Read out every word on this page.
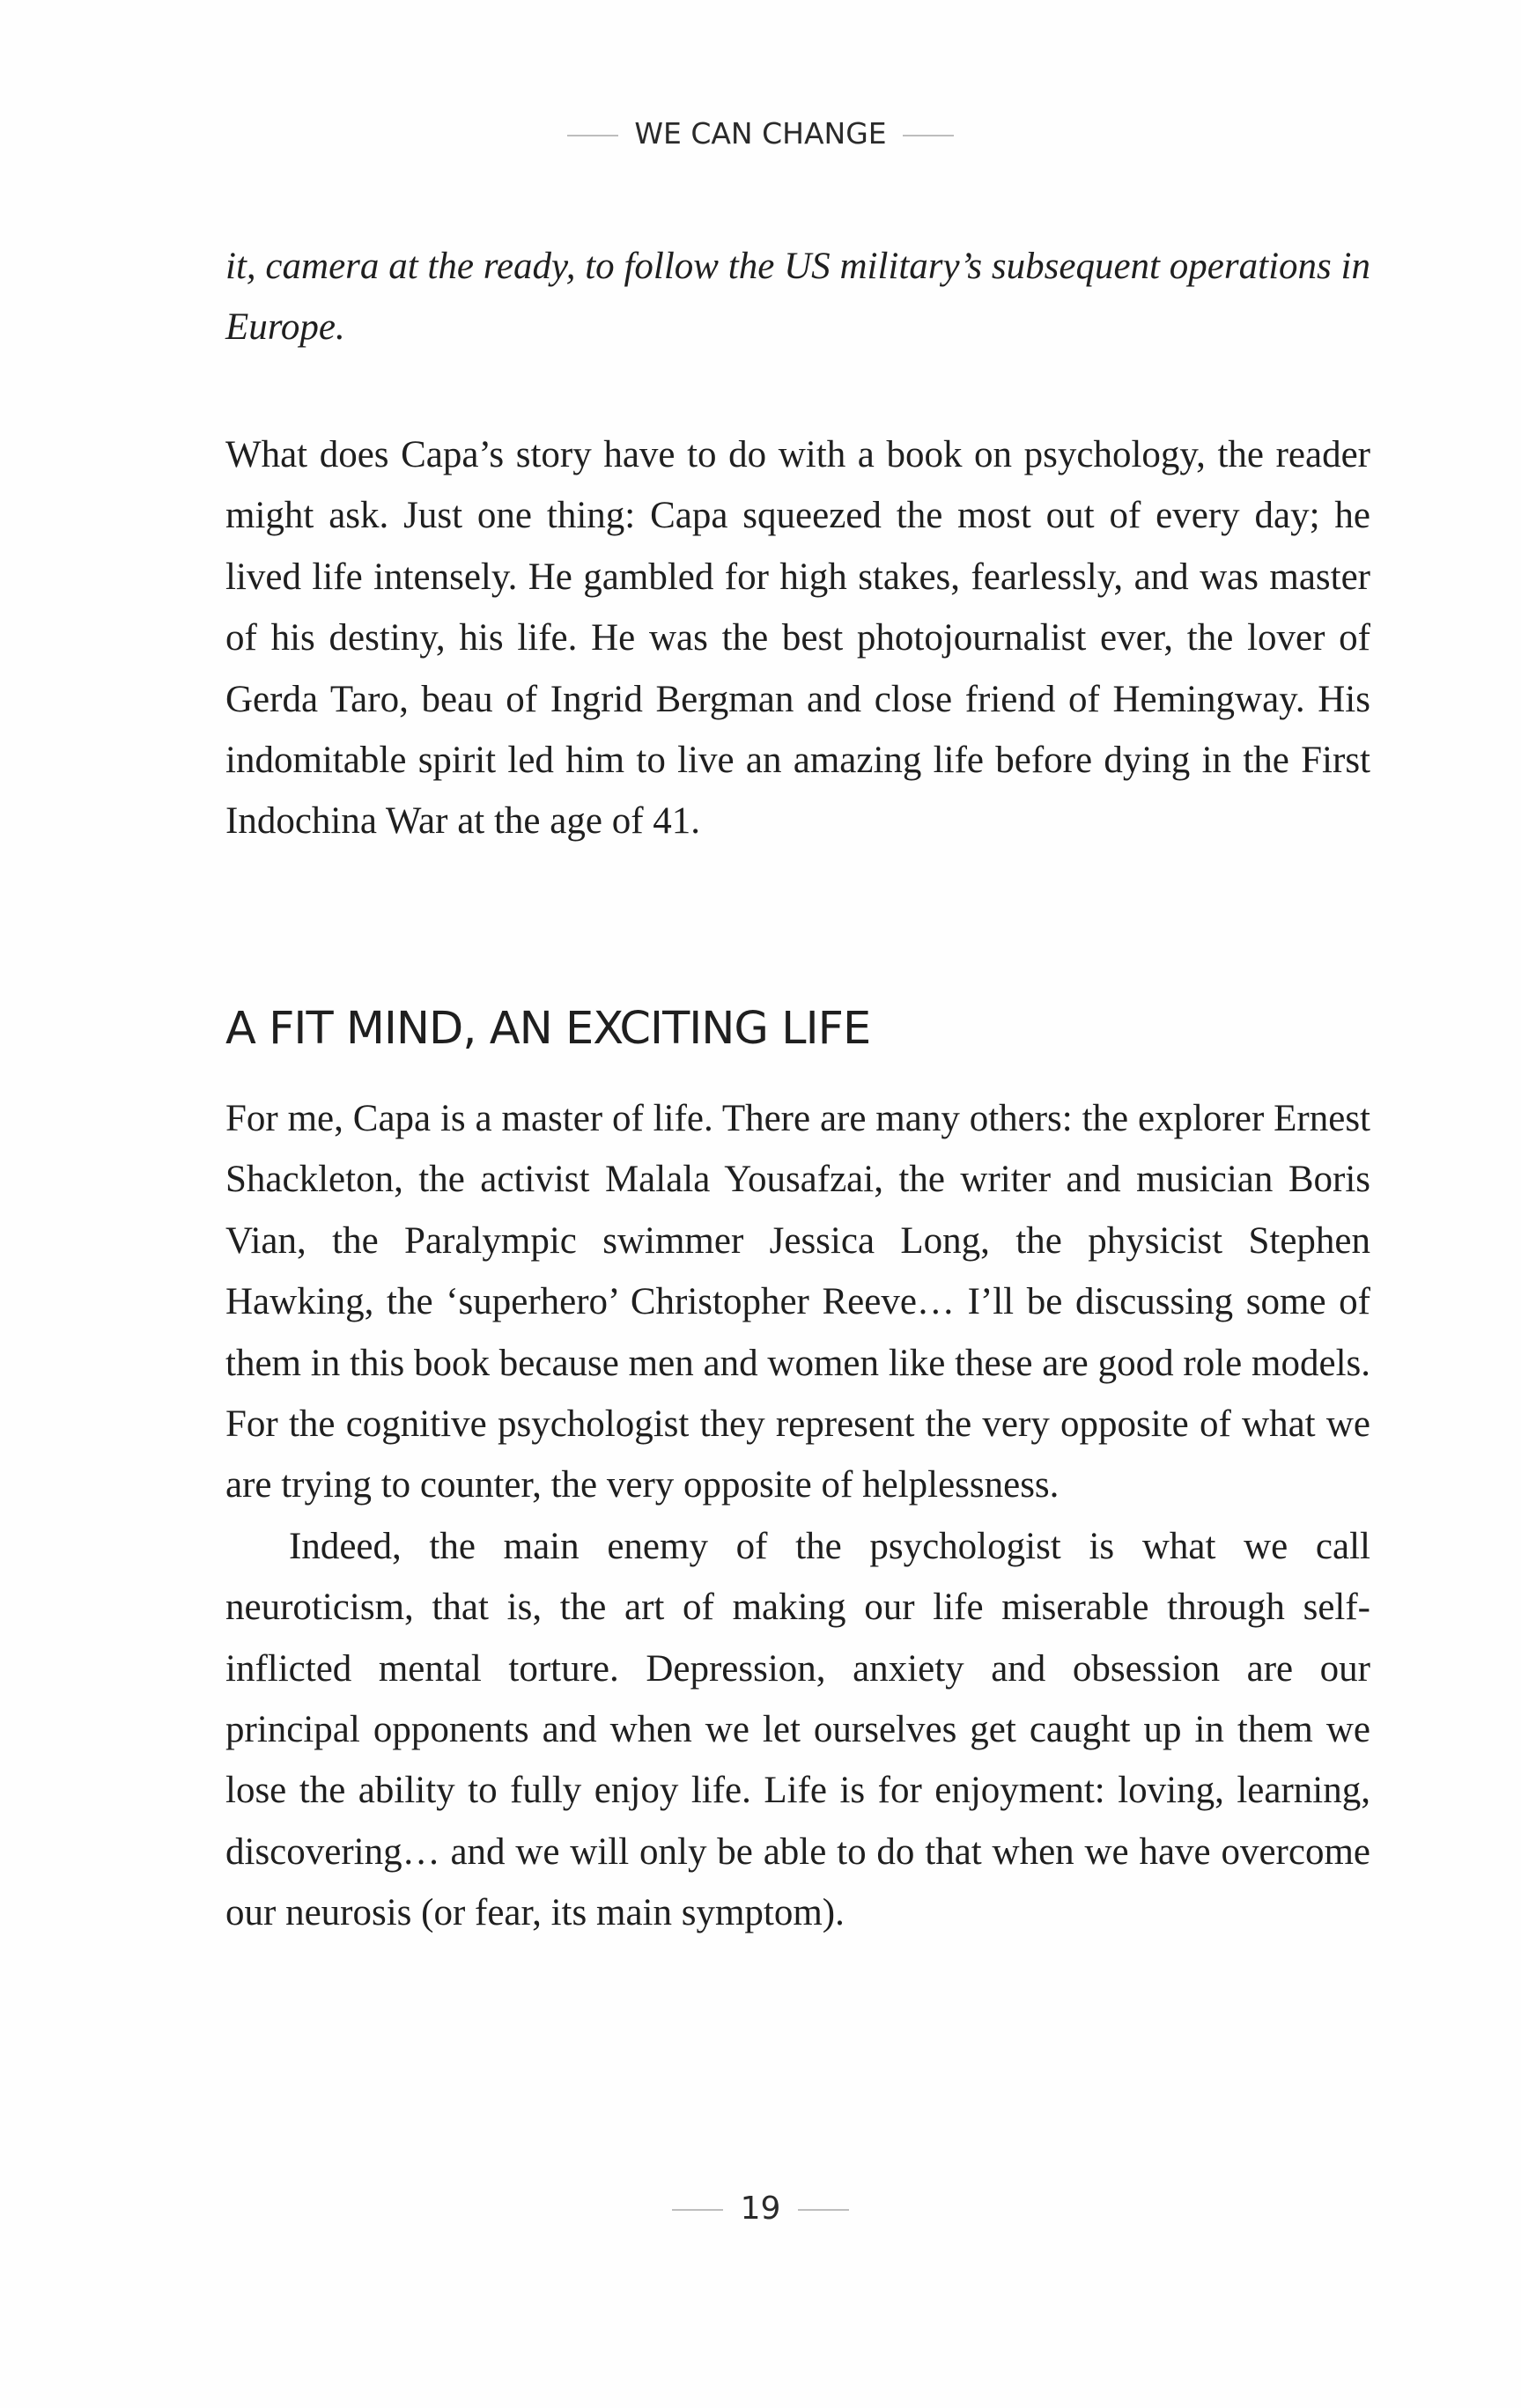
WE CAN CHANGE

it, camera at the ready, to follow the US military’s subsequent operations in Europe.

What does Capa’s story have to do with a book on psychology, the reader might ask. Just one thing: Capa squeezed the most out of every day; he lived life intensely. He gambled for high stakes, fearlessly, and was master of his destiny, his life. He was the best photojournalist ever, the lover of Gerda Taro, beau of Ingrid Bergman and close friend of Hemingway. His indomitable spirit led him to live an amazing life before dying in the First Indochina War at the age of 41.

A FIT MIND, AN EXCITING LIFE

For me, Capa is a master of life. There are many others: the explorer Ernest Shackleton, the activist Malala Yousafzai, the writer and musician Boris Vian, the Paralympic swimmer Jessica Long, the physicist Stephen Hawking, the ‘superhero’ Christopher Reeve… I’ll be discussing some of them in this book because men and women like these are good role models. For the cognitive psychologist they represent the very opposite of what we are trying to counter, the very opposite of helplessness.

Indeed, the main enemy of the psychologist is what we call neuroticism, that is, the art of making our life miserable through self-inflicted mental torture. Depression, anxiety and obsession are our principal opponents and when we let ourselves get caught up in them we lose the ability to fully enjoy life. Life is for enjoyment: loving, learning, discovering… and we will only be able to do that when we have overcome our neurosis (or fear, its main symptom).

19
